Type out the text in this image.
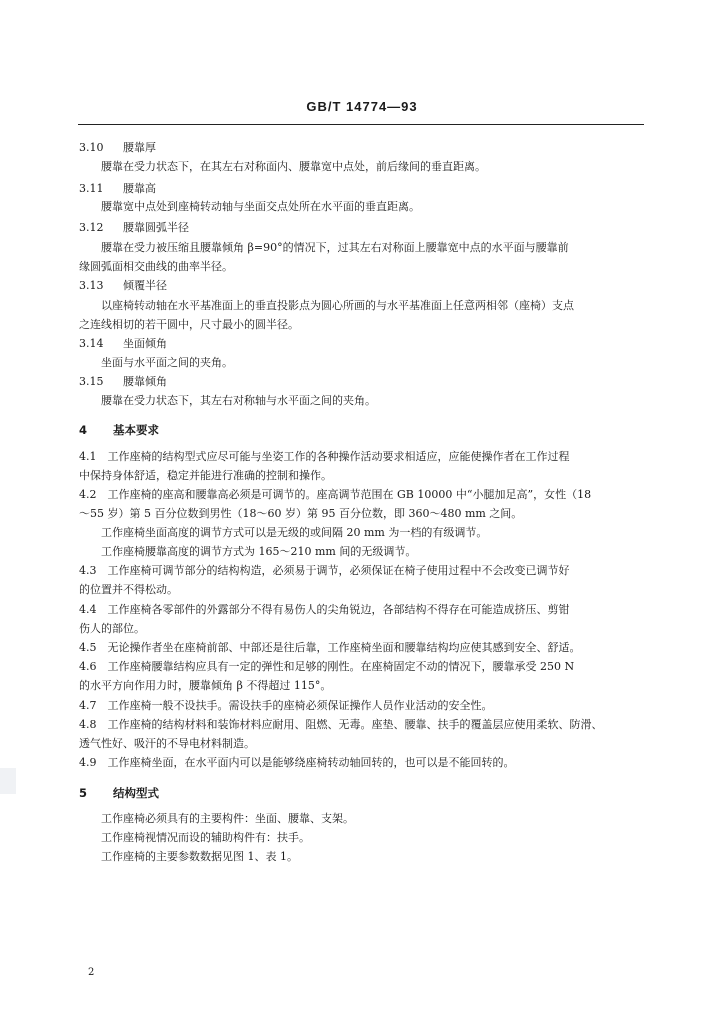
GB/T 14774—93
3.10 腰靠厚
腰靠在受力状态下，在其左右对称面内、腰靠宽中点处，前后缘间的垂直距离。
3.11 腰靠高
腰靠宽中点处到座椅转动轴与坐面交点处所在水平面的垂直距离。
3.12 腰靠圆弧半径
腰靠在受力被压缩且腰靠倾角 β=90°的情况下，过其左右对称面上腰靠宽中点的水平面与腰靠前
缘圆弧面相交曲线的曲率半径。
3.13 倾覆半径
以座椅转动轴在水平基准面上的垂直投影点为圆心所画的与水平基准面上任意两相邻（座椅）支点
之连线相切的若干圆中，尺寸最小的圆半径。
3.14 坐面倾角
坐面与水平面之间的夹角。
3.15 腰靠倾角
腰靠在受力状态下，其左右对称轴与水平面之间的夹角。
4 基本要求
4.1　工作座椅的结构型式应尽可能与坐姿工作的各种操作活动要求相适应，应能使操作者在工作过程
中保持身体舒适，稳定并能进行准确的控制和操作。
4.2　工作座椅的座高和腰靠高必须是可调节的。座高调节范围在 GB 10000 中“小腿加足高”，女性（18
～55 岁）第 5 百分位数到男性（18～60 岁）第 95 百分位数，即 360～480 mm 之间。
工作座椅坐面高度的调节方式可以是无级的或间隔 20 mm 为一档的有级调节。
工作座椅腰靠高度的调节方式为 165～210 mm 间的无级调节。
4.3　工作座椅可调节部分的结构构造，必须易于调节，必须保证在椅子使用过程中不会改变已调节好
的位置并不得松动。
4.4　工作座椅各零部件的外露部分不得有易伤人的尖角锐边，各部结构不得存在可能造成挤压、剪钳
伤人的部位。
4.5　无论操作者坐在座椅前部、中部还是往后靠，工作座椅坐面和腰靠结构均应使其感到安全、舒适。
4.6　工作座椅腰靠结构应具有一定的弹性和足够的刚性。在座椅固定不动的情况下，腰靠承受 250 N
的水平方向作用力时，腰靠倾角 β 不得超过 115°。
4.7　工作座椅一般不设扶手。需设扶手的座椅必须保证操作人员作业活动的安全性。
4.8　工作座椅的结构材料和装饰材料应耐用、阻燃、无毒。座垫、腰靠、扶手的覆盖层应使用柔软、防滑、
透气性好、吸汗的不导电材料制造。
4.9　工作座椅坐面，在水平面内可以是能够绕座椅转动轴回转的，也可以是不能回转的。
5 结构型式
工作座椅必须具有的主要构件：坐面、腰靠、支架。
工作座椅视情况而设的辅助构件有：扶手。
工作座椅的主要参数数据见图 1、表 1。
2
